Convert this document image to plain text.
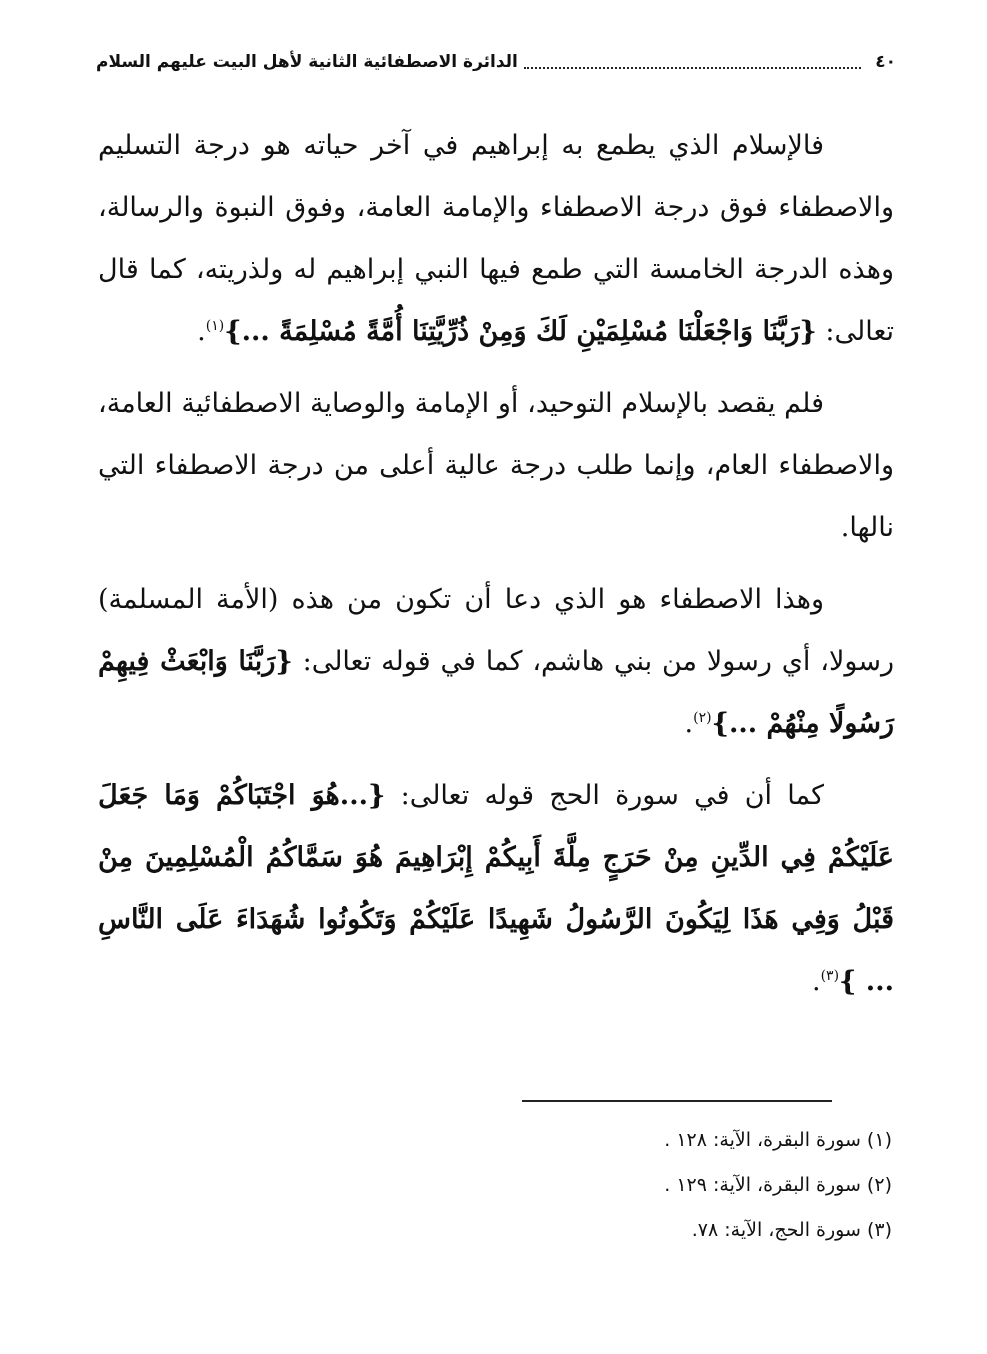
٤٠
الدائرة الاصطفائية الثانية لأهل البيت عليهم السلام

فالإسلام الذي يطمع به إبراهيم في آخر حياته هو درجة التسليم والاصطفاء فوق درجة الاصطفاء والإمامة العامة، وفوق النبوة والرسالة، وهذه الدرجة الخامسة التي طمع فيها النبي إبراهيم له ولذريته، كما قال تعالى: {رَبَّنَا وَاجْعَلْنَا مُسْلِمَيْنِ لَكَ وَمِنْ ذُرِّيَّتِنَا أُمَّةً مُسْلِمَةً ...}$^{(١)}$.

فلم يقصد بالإسلام التوحيد، أو الإمامة والوصاية الاصطفائية العامة، والاصطفاء العام، وإنما طلب درجة عالية أعلى من درجة الاصطفاء التي نالها.

وهذا الاصطفاء هو الذي دعا أن تكون من هذه (الأمة المسلمة) رسولا، أي رسولا من بني هاشم، كما في قوله تعالى: {رَبَّنَا وَابْعَثْ فِيهِمْ رَسُولًا مِنْهُمْ ...}$^{(٢)}$.

كما أن في سورة الحج قوله تعالى: {...هُوَ اجْتَبَاكُمْ وَمَا جَعَلَ عَلَيْكُمْ فِي الدِّينِ مِنْ حَرَجٍ مِلَّةَ أَبِيكُمْ إِبْرَاهِيمَ هُوَ سَمَّاكُمُ الْمُسْلِمِينَ مِنْ قَبْلُ وَفِي هَذَا لِيَكُونَ الرَّسُولُ شَهِيدًا عَلَيْكُمْ وَتَكُونُوا شُهَدَاءَ عَلَى النَّاسِ ... }$^{(٣)}$.

(١) سورة البقرة، الآية: ١٢٨ .
(٢) سورة البقرة، الآية: ١٢٩ .
(٣) سورة الحج، الآية: ٧٨.
